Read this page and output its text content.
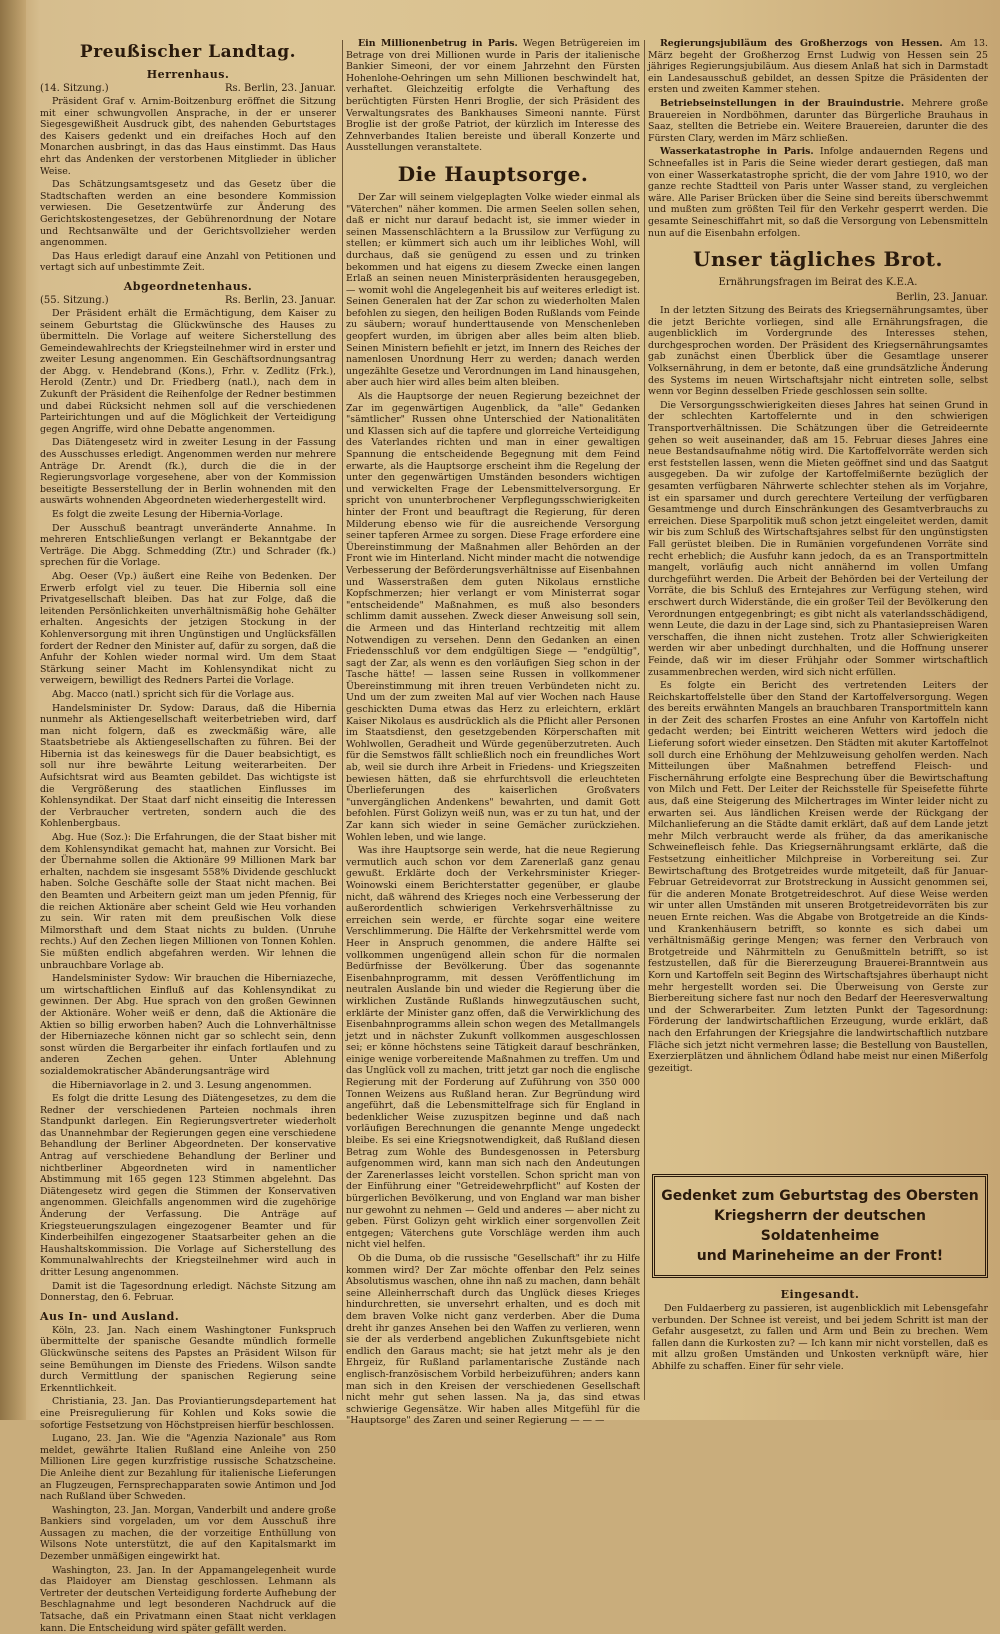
Preußischer Landtag.
Herrenhaus.
(14. Sitzung.)	Rs. Berlin, 23. Januar.

Präsident Graf v. Arnim-Boitzenburg eröffnet die Sitzung mit einer schwungvollen Ansprache, in der er unserer Siegesgewißheit Ausdruck gibt, des nahenden Geburtstages des Kaisers gedenkt und ein dreifaches Hoch auf den Monarchen ausbringt, in das das Haus einstimmt. Das Haus ehrt das Andenken der verstorbenen Mitglieder in üblicher Weise.

Das Schätzungsamtsgesetz und das Gesetz über die Stadtschaften werden an eine besondere Kommission verwiesen. Die Gesetzentwürfe zur Änderung des Gerichtskostengesetzes, der Gebührenordnung der Notare und Rechtsanwälte und der Gerichtsvollzieher werden angenommen.

Das Haus erledigt darauf eine Anzahl von Petitionen und vertagt sich auf unbestimmte Zeit.

Abgeordnetenhaus.
(55. Sitzung.)	Rs. Berlin, 23. Januar.

Der Präsident erhält die Ermächtigung, dem Kaiser zu seinem Geburtstag die Glückwünsche des Hauses zu übermitteln. Die Vorlage auf weitere Sicherstellung des Gemeindewahlrechts der Kriegsteilnehmer wird in erster und zweiter Lesung angenommen. Ein Geschäftsordnungsantrag der Abgg. v. Hendebrand (Kons.), Frhr. v. Zedlitz (Frk.), Herold (Zentr.) und Dr. Friedberg (natl.), nach dem in Zukunft der Präsident die Reihenfolge der Redner bestimmen und dabei Rücksicht nehmen soll auf die verschiedenen Parteirichtungen und auf die Möglichkeit der Verteidigung gegen Angriffe, wird ohne Debatte angenommen.

Das Diätengesetz wird in zweiter Lesung in der Fassung des Ausschusses erledigt. Angenommen werden nur mehrere Anträge Dr. Arendt (fk.), durch die die in der Regierungsvorlage vorgesehene, aber von der Kommission beseitigte Besserstellung der in Berlin wohnenden mit den auswärts wohnenden Abgeordneten wiederhergestellt wird.

Es folgt die zweite Lesung der Hibernia-Vorlage.

Der Ausschuß beantragt unveränderte Annahme. In mehreren Entschließungen verlangt er Bekanntgabe der Verträge. Die Abgg. Schmedding (Ztr.) und Schrader (fk.) sprechen für die Vorlage.

Abg. Oeser (Vp.) äußert eine Reihe von Bedenken. Der Erwerb erfolgt viel zu teuer. Die Hibernia soll eine Privatgesellschaft bleiben. Das hat zur Folge, daß die leitenden Persönlichkeiten unverhältnismäßig hohe Gehälter erhalten. Angesichts der jetzigen Stockung in der Kohlenversorgung mit ihren Ungünstigen und Unglücksfällen fordert der Redner den Minister auf, dafür zu sorgen, daß die Anfuhr der Kohlen wieder normal wird. Um dem Staat Stärkung seiner Macht im Kohlensyndikat nicht zu verweigern, bewilligt des Redners Partei die Vorlage.

Abg. Macco (natl.) spricht sich für die Vorlage aus.

Handelsminister Dr. Sydow: Daraus, daß die Hibernia nunmehr als Aktiengesellschaft weiterbetrieben wird, darf man nicht folgern, daß es zweckmäßig wäre, alle Staatsbetriebe als Aktiengesellschaften zu führen. Bei der Hibernia ist das keineswegs für die Dauer beabsichtigt, es soll nur ihre bewährte Leitung weiterarbeiten. Der Aufsichtsrat wird aus Beamten gebildet. Das wichtigste ist die Vergrößerung des staatlichen Einflusses im Kohlensyndikat. Der Staat darf nicht einseitig die Interessen der Verbraucher vertreten, sondern auch die des Kohlenbergbaus.

Abg. Hue (Soz.): Die Erfahrungen, die der Staat bisher mit dem Kohlensyndikat gemacht hat, mahnen zur Vorsicht. Bei der Übernahme sollen die Aktionäre 99 Millionen Mark bar erhalten, nachdem sie insgesamt 558% Dividende geschluckt haben. Solche Geschäfte solle der Staat nicht machen. Bei den Beamten und Arbeitern geizt man um jeden Pfennig, für die reichen Aktionäre aber scheint Geld wie Heu vorhanden zu sein. Wir raten mit dem preußischen Volk diese Milmorsthaft und dem Staat nichts zu bulden. (Unruhe rechts.) Auf den Zechen liegen Millionen von Tonnen Kohlen. Sie müßten endlich abgefahren werden. Wir lehnen die unbrauchbare Vorlage ab.

Handelsminister Sydow: Wir brauchen die Hiberniazeche, um wirtschaftlichen Einfluß auf das Kohlensyndikat zu gewinnen. Der Abg. Hue sprach von den großen Gewinnen der Aktionäre. Woher weiß er denn, daß die Aktionäre die Aktien so billig erworben haben? Auch die Lohnverhältnisse der Hiberniazeche können nicht gar so schlecht sein, denn sonst würden die Bergarbeiter ihr einfach fortlaufen und zu anderen Zechen gehen. Unter Ablehnung sozialdemokratischer Abänderungsanträge wird

die Hiberniavorlage in 2. und 3. Lesung angenommen.

Es folgt die dritte Lesung des Diätengesetzes, zu dem die Redner der verschiedenen Parteien nochmals ihren Standpunkt darlegen. Ein Regierungsvertreter wiederholt das Unannehmbar der Regierungen gegen eine verschiedene Behandlung der Berliner Abgeordneten. Der konservative Antrag auf verschiedene Behandlung der Berliner und nichtberliner Abgeordneten wird in namentlicher Abstimmung mit 165 gegen 123 Stimmen abgelehnt. Das Diätengesetz wird gegen die Stimmen der Konservativen angenommen. Gleichfalls angenommen wird die zugehörige Änderung der Verfassung. Die Anträge auf Kriegsteuerungszulagen eingezogener Beamter und für Kinderbeihilfen eingezogener Staatsarbeiter gehen an die Haushaltskommission. Die Vorlage auf Sicherstellung des Kommunalwahlrechts der Kriegsteilnehmer wird auch in dritter Lesung angenommen.

Damit ist die Tagesordnung erledigt. Nächste Sitzung am Donnerstag, den 6. Februar.

Aus In- und Ausland.

Köln, 23. Jan. Nach einem Washingtoner Funkspruch übermittelte der spanische Gesandte mündlich formelle Glückwünsche seitens des Papstes an Präsident Wilson für seine Bemühungen im Dienste des Friedens. Wilson sandte durch Vermittlung der spanischen Regierung seine Erkenntlichkeit.

Christiania, 23. Jan. Das Proviantierungsdepartement hat eine Preisregulierung für Kohlen und Koks sowie die sofortige Festsetzung von Höchstpreisen hierfür beschlossen.

Lugano, 23. Jan. Wie die "Agenzia Nazionale" aus Rom meldet, gewährte Italien Rußland eine Anleihe von 250 Millionen Lire gegen kurzfristige russische Schatzscheine. Die Anleihe dient zur Bezahlung für italienische Lieferungen an Flugzeugen, Fernsprechapparaten sowie Antimon und Jod nach Rußland über Schweden.

Washington, 23. Jan. Morgan, Vanderbilt und andere große Bankiers sind vorgeladen, um vor dem Ausschuß ihre Aussagen zu machen, die der vorzeitige Enthüllung von Wilsons Note unterstützt, die auf den Kapitalsmarkt im Dezember unmäßigen eingewirkt hat.

Washington, 23. Jan. In der Appamangelegenheit wurde das Plaidoyer am Dienstag geschlossen. Lehmann als Vertreter der deutschen Verteidigung forderte Aufhebung der Beschlagnahme und legt besonderen Nachdruck auf die Tatsache, daß ein Privatmann einen Staat nicht verklagen kann. Die Entscheidung wird später gefällt werden.

Ein Millionenbetrug in Paris. Wegen Betrügereien im Betrage von drei Millionen wurde in Paris der italienische Bankier Simeoni, der vor einem Jahrzehnt den Fürsten Hohenlohe-Oehringen um sehn Millionen beschwindelt hat, verhaftet. Gleichzeitig erfolgte die Verhaftung des berüchtigten Fürsten Henri Broglie, der sich Präsident des Verwaltungsrates des Bankhauses Simeoni nannte. Fürst Broglie ist der große Patriot, der kürzlich im Interesse des Zehnverbandes Italien bereiste und überall Konzerte und Ausstellungen veranstaltete.

Die Hauptsorge.

Der Zar will seinem vielgeplagten Volke wieder einmal als "Väterchen" näher kommen. Die armen Seelen sollen sehen, daß er nicht nur darauf bedacht ist, sie immer wieder in seinen Massenschlächtern a la Brussilow zur Verfügung zu stellen; er kümmert sich auch um ihr leibliches Wohl, will durchaus, daß sie genügend zu essen und zu trinken bekommen und hat eigens zu diesem Zwecke einen langen Erlaß an seinen neuen Ministerpräsidenten herausgegeben, — womit wohl die Angelegenheit bis auf weiteres erledigt ist. Seinen Generalen hat der Zar schon zu wiederholten Malen befohlen zu siegen, den heiligen Boden Rußlands vom Feinde zu säubern; worauf hunderttausende von Menschenleben geopfert wurden, im übrigen aber alles beim alten blieb. Seinen Ministern befiehlt er jetzt, im Innern des Reiches der namenlosen Unordnung Herr zu werden; danach werden ungezählte Gesetze und Verordnungen im Land hinausgehen, aber auch hier wird alles beim alten bleiben.

Als die Hauptsorge der neuen Regierung bezeichnet der Zar im gegenwärtigen Augenblick, da "alle" Gedanken "sämtlicher" Russen ohne Unterschied der Nationalitäten und Klassen sich auf die tapfere und glorreiche Verteidigung des Vaterlandes richten und man in einer gewaltigen Spannung die entscheidende Begegnung mit dem Feind erwarte, als die Hauptsorge erscheint ihm die Regelung der unter den gegenwärtigen Umständen besonders wichtigen und verwickelten Frage der Lebensmittelversorgung. Er spricht von ununterbrochener Verpflegungsschwierigkeiten hinter der Front und beauftragt die Regierung, für deren Milderung ebenso wie für die ausreichende Versorgung seiner tapferen Armee zu sorgen. Diese Frage erfordere eine Übereinstimmung der Maßnahmen aller Behörden an der Front wie im Hinterland. Nicht minder macht die notwendige Verbesserung der Beförderungsverhältnisse auf Eisenbahnen und Wasserstraßen dem guten Nikolaus ernstliche Kopfschmerzen; hier verlangt er vom Ministerrat sogar "entscheidende" Maßnahmen, es muß also besonders schlimm damit aussehen. Zweck dieser Anweisung soll sein, die Armeen und das Hinterland rechtzeitig mit allem Notwendigen zu versehen. Denn den Gedanken an einen Friedensschluß vor dem endgültigen Siege — "endgültig", sagt der Zar, als wenn es den vorläufigen Sieg schon in der Tasche hätte! — lassen seine Russen in vollkommener Übereinstimmung mit ihren treuen Verbündeten nicht zu. Und um der zum zweiten Mal auf vier Wochen nach Hause geschickten Duma etwas das Herz zu erleichtern, erklärt Kaiser Nikolaus es ausdrücklich als die Pflicht aller Personen im Staatsdienst, den gesetzgebenden Körperschaften mit Wohlwollen, Geradheit und Würde gegenüberzutreten. Auch für die Semstwos fällt schließlich noch ein freundliches Wort ab, weil sie durch ihre Arbeit in Friedens- und Kriegszeiten bewiesen hätten, daß sie ehrfurchtsvoll die erleuchteten Überlieferungen des kaiserlichen Großvaters "unvergänglichen Andenkens" bewahrten, und damit Gott befohlen. Fürst Golizyn weiß nun, was er zu tun hat, und der Zar kann sich wieder in seine Gemächer zurückziehen. Wohlen leben, und wie lange.

Was ihre Hauptsorge sein werde, hat die neue Regierung vermutlich auch schon vor dem Zarenerlaß ganz genau gewußt. Erklärte doch der Verkehrsminister Krieger-Woinowski einem Berichterstatter gegenüber, er glaube nicht, daß während des Krieges noch eine Verbesserung der außerordentlich schwierigen Verkehrsverhältnisse zu erreichen sein werde, er fürchte sogar eine weitere Verschlimmerung. Die Hälfte der Verkehrsmittel werde vom Heer in Anspruch genommen, die andere Hälfte sei vollkommen ungenügend allein schon für die normalen Bedürfnisse der Bevölkerung. Über das sogenannte Eisenbahnprogramm, mit dessen Veröffentlichung im neutralen Auslande bin und wieder die Regierung über die wirklichen Zustände Rußlands hinwegzutäuschen sucht, erklärte der Minister ganz offen, daß die Verwirklichung des Eisenbahnprogramms allein schon wegen des Metallmangels jetzt und in nächster Zukunft vollkommen ausgeschlossen sei; er könne höchstens seine Tätigkeit darauf beschränken, einige wenige vorbereitende Maßnahmen zu treffen. Um und das Unglück voll zu machen, tritt jetzt gar noch die englische Regierung mit der Forderung auf Zuführung von 350 000 Tonnen Weizens aus Rußland heran. Zur Begründung wird angeführt, daß die Lebensmittelfrage sich für England in bedenklicher Weise zuzuspitzen beginne und daß nach vorläufigen Berechnungen die genannte Menge ungedeckt bleibe. Es sei eine Kriegsnotwendigkeit, daß Rußland diesen Betrag zum Wohle des Bundesgenossen in Petersburg aufgenommen wird, kann man sich nach den Andeutungen der Zarenerlasses leicht vorstellen. Schon spricht man von der Einführung einer "Getreidewehrpflicht" auf Kosten der bürgerlichen Bevölkerung, und von England war man bisher nur gewohnt zu nehmen — Geld und anderes — aber nicht zu geben. Fürst Golizyn geht wirklich einer sorgenvollen Zeit entgegen; Väterchens gute Vorschläge werden ihm auch nicht viel helfen.

Ob die Duma, ob die russische "Gesellschaft" ihr zu Hilfe kommen wird? Der Zar möchte offenbar den Pelz seines Absolutismus waschen, ohne ihn naß zu machen, dann behält seine Alleinherrschaft durch das Unglück dieses Krieges hindurchretten, sie unversehrt erhalten, und es doch mit dem braven Volke nicht ganz verderben. Aber die Duma dreht ihr ganzes Ansehen bei den Waffen zu verlieren, wenn sie der als verderbend angeblichen Zukunftsgebiete nicht endlich den Garaus macht; sie hat jetzt mehr als je den Ehrgeiz, für Rußland parlamentarische Zustände nach englisch-französischem Vorbild herbeizuführen; anders kann man sich in den Kreisen der verschiedenen Gesellschaft nicht mehr gut sehen lassen. Na ja, das sind etwas schwierige Gegensätze. Wir haben alles Mitgefühl für die "Hauptsorge" des Zaren und seiner Regierung — — —

Regierungsjubiläum des Großherzogs von Hessen. Am 13. März begeht der Großherzog Ernst Ludwig von Hessen sein 25 jähriges Regierungsjubiläum. Aus diesem Anlaß hat sich in Darmstadt ein Landesausschuß gebildet, an dessen Spitze die Präsidenten der ersten und zweiten Kammer stehen.

Betriebseinstellungen in der Brauindustrie. Mehrere große Brauereien in Nordböhmen, darunter das Bürgerliche Brauhaus in Saaz, stellten die Betriebe ein. Weitere Brauereien, darunter die des Fürsten Clary, werden im März schließen.

Wasserkatastrophe in Paris. Infolge andauernden Regens und Schneefalles ist in Paris die Seine wieder derart gestiegen, daß man von einer Wasserkatastrophe spricht, die der vom Jahre 1910, wo der ganze rechte Stadtteil von Paris unter Wasser stand, zu vergleichen wäre. Alle Pariser Brücken über die Seine sind bereits überschwemmt und mußten zum größten Teil für den Verkehr gesperrt werden. Die gesamte Seineschiffahrt mit, so daß die Versorgung von Lebensmitteln nun auf die Eisenbahn erfolgen.

Unser tägliches Brot.
Ernährungsfragen im Beirat des K.E.A.
Berlin, 23. Januar.

In der letzten Sitzung des Beirats des Kriegsernährungsamtes, über die jetzt Berichte vorliegen, sind alle Ernährungsfragen, die augenblicklich im Vordergrunde des Interesses stehen, durchgesprochen worden. Der Präsident des Kriegsernährungsamtes gab zunächst einen Überblick über die Gesamtlage unserer Volksernährung, in dem er betonte, daß eine grundsätzliche Änderung des Systems im neuen Wirtschaftsjahr nicht eintreten solle, selbst wenn vor Beginn desselben Friede geschlossen sein sollte.

Die Versorgungsschwierigkeiten dieses Jahres hat seinen Grund in der schlechten Kartoffelernte und in den schwierigen Transportverhältnissen. Die Schätzungen über die Getreideernte gehen so weit auseinander, daß am 15. Februar dieses Jahres eine neue Bestandsaufnahme nötig wird. Die Kartoffelvorräte werden sich erst feststellen lassen, wenn die Mieten geöffnet sind und das Saatgut ausgegeben. Da wir zufolge der Kartoffelmißernte bezüglich der gesamten verfügbaren Nährwerte schlechter stehen als im Vorjahre, ist ein sparsamer und durch gerechtere Verteilung der verfügbaren Gesamtmenge und durch Einschränkungen des Gesamtverbrauchs zu erreichen. Diese Sparpolitik muß schon jetzt eingeleitet werden, damit wir bis zum Schluß des Wirtschaftsjahres selbst für den ungünstigsten Fall gerüstet bleiben. Die in Rumänien vorgefundenen Vorräte sind recht erheblich; die Ausfuhr kann jedoch, da es an Transportmitteln mangelt, vorläufig auch nicht annähernd im vollen Umfang durchgeführt werden. Die Arbeit der Behörden bei der Verteilung der Vorräte, die bis Schluß des Erntejahres zur Verfügung stehen, wird erschwert durch Widerstände, die ein großer Teil der Bevölkerung den Verordnungen entgegenbringt; es gibt nicht als vaterlandsschädigend, wenn Leute, die dazu in der Lage sind, sich zu Phantasiepreisen Waren verschaffen, die ihnen nicht zustehen. Trotz aller Schwierigkeiten werden wir aber unbedingt durchhalten, und die Hoffnung unserer Feinde, daß wir im dieser Frühjahr oder Sommer wirtschaftlich zusammenbrechen werden, wird sich nicht erfüllen.

Es folgte ein Bericht des vertretenden Leiters der Reichskartoffelstelle über den Stand der Kartoffelversorgung. Wegen des bereits erwähnten Mangels an brauchbaren Transportmitteln kann in der Zeit des scharfen Frostes an eine Anfuhr von Kartoffeln nicht gedacht werden; bei Eintritt weicheren Wetters wird jedoch die Lieferung sofort wieder einsetzen. Den Städten mit akuter Kartoffelnot soll durch eine Erhöhung der Mehlzuweisung geholfen werden. Nach Mitteilungen über Maßnahmen betreffend Fleisch- und Fischernährung erfolgte eine Besprechung über die Bewirtschaftung von Milch und Fett. Der Leiter der Reichsstelle für Speisefette führte aus, daß eine Steigerung des Milchertrages im Winter leider nicht zu erwarten sei. Aus ländlichen Kreisen werde der Rückgang der Milchanlieferung an die Städte damit erklärt, daß auf dem Lande jetzt mehr Milch verbraucht werde als früher, da das amerikanische Schweinefleisch fehle. Das Kriegsernährungsamt erklärte, daß die Festsetzung einheitlicher Milchpreise in Vorbereitung sei. Zur Bewirtschaftung des Brotgetreides wurde mitgeteilt, daß für Januar-Februar Getreidevorrat zur Brotstreckung in Aussicht genommen sei, für die anderen Monate Brotgetreideschrot. Auf diese Weise werden wir unter allen Umständen mit unseren Brotgetreidevorräten bis zur neuen Ernte reichen. Was die Abgabe von Brotgetreide an die Kinds- und Krankenhäusern betrifft, so konnte es sich dabei um verhältnismäßig geringe Mengen; was ferner den Verbrauch von Brotgetreide und Nährmitteln zu Genußmitteln betrifft, so ist festzustellen, daß für die Biererzeugung Brauerei-Branntwein aus Korn und Kartoffeln seit Beginn des Wirtschaftsjahres überhaupt nicht mehr hergestellt worden sei. Die Überweisung von Gerste zur Bierbereitung sichere fast nur noch den Bedarf der Heeresverwaltung und der Schwerarbeiter. Zum letzten Punkt der Tagesordnung: Förderung der landwirtschaftlichen Erzeugung, wurde erklärt, daß nach den Erfahrungen der Kriegsjahre die landwirtschaftlich nutzbare Fläche sich jetzt nicht vermehren lasse; die Bestellung von Baustellen, Exerzierplätzen und ähnlichem Ödland habe meist nur einen Mißerfolg gezeitigt.

Gedenket zum Geburtstag des Obersten
Kriegsherrn der deutschen Soldatenheime
und Marineheime an der Front!
Eingesandt.

Den Fuldaerberg zu passieren, ist augenblicklich mit Lebensgefahr verbunden. Der Schnee ist vereist, und bei jedem Schritt ist man der Gefahr ausgesetzt, zu fallen und Arm und Bein zu brechen. Wem fallen dann die Kurkosten zu? — Ich kann mir nicht vorstellen, daß es mit allzu großen Umständen und Unkosten verknüpft wäre, hier Abhilfe zu schaffen. Einer für sehr viele.
